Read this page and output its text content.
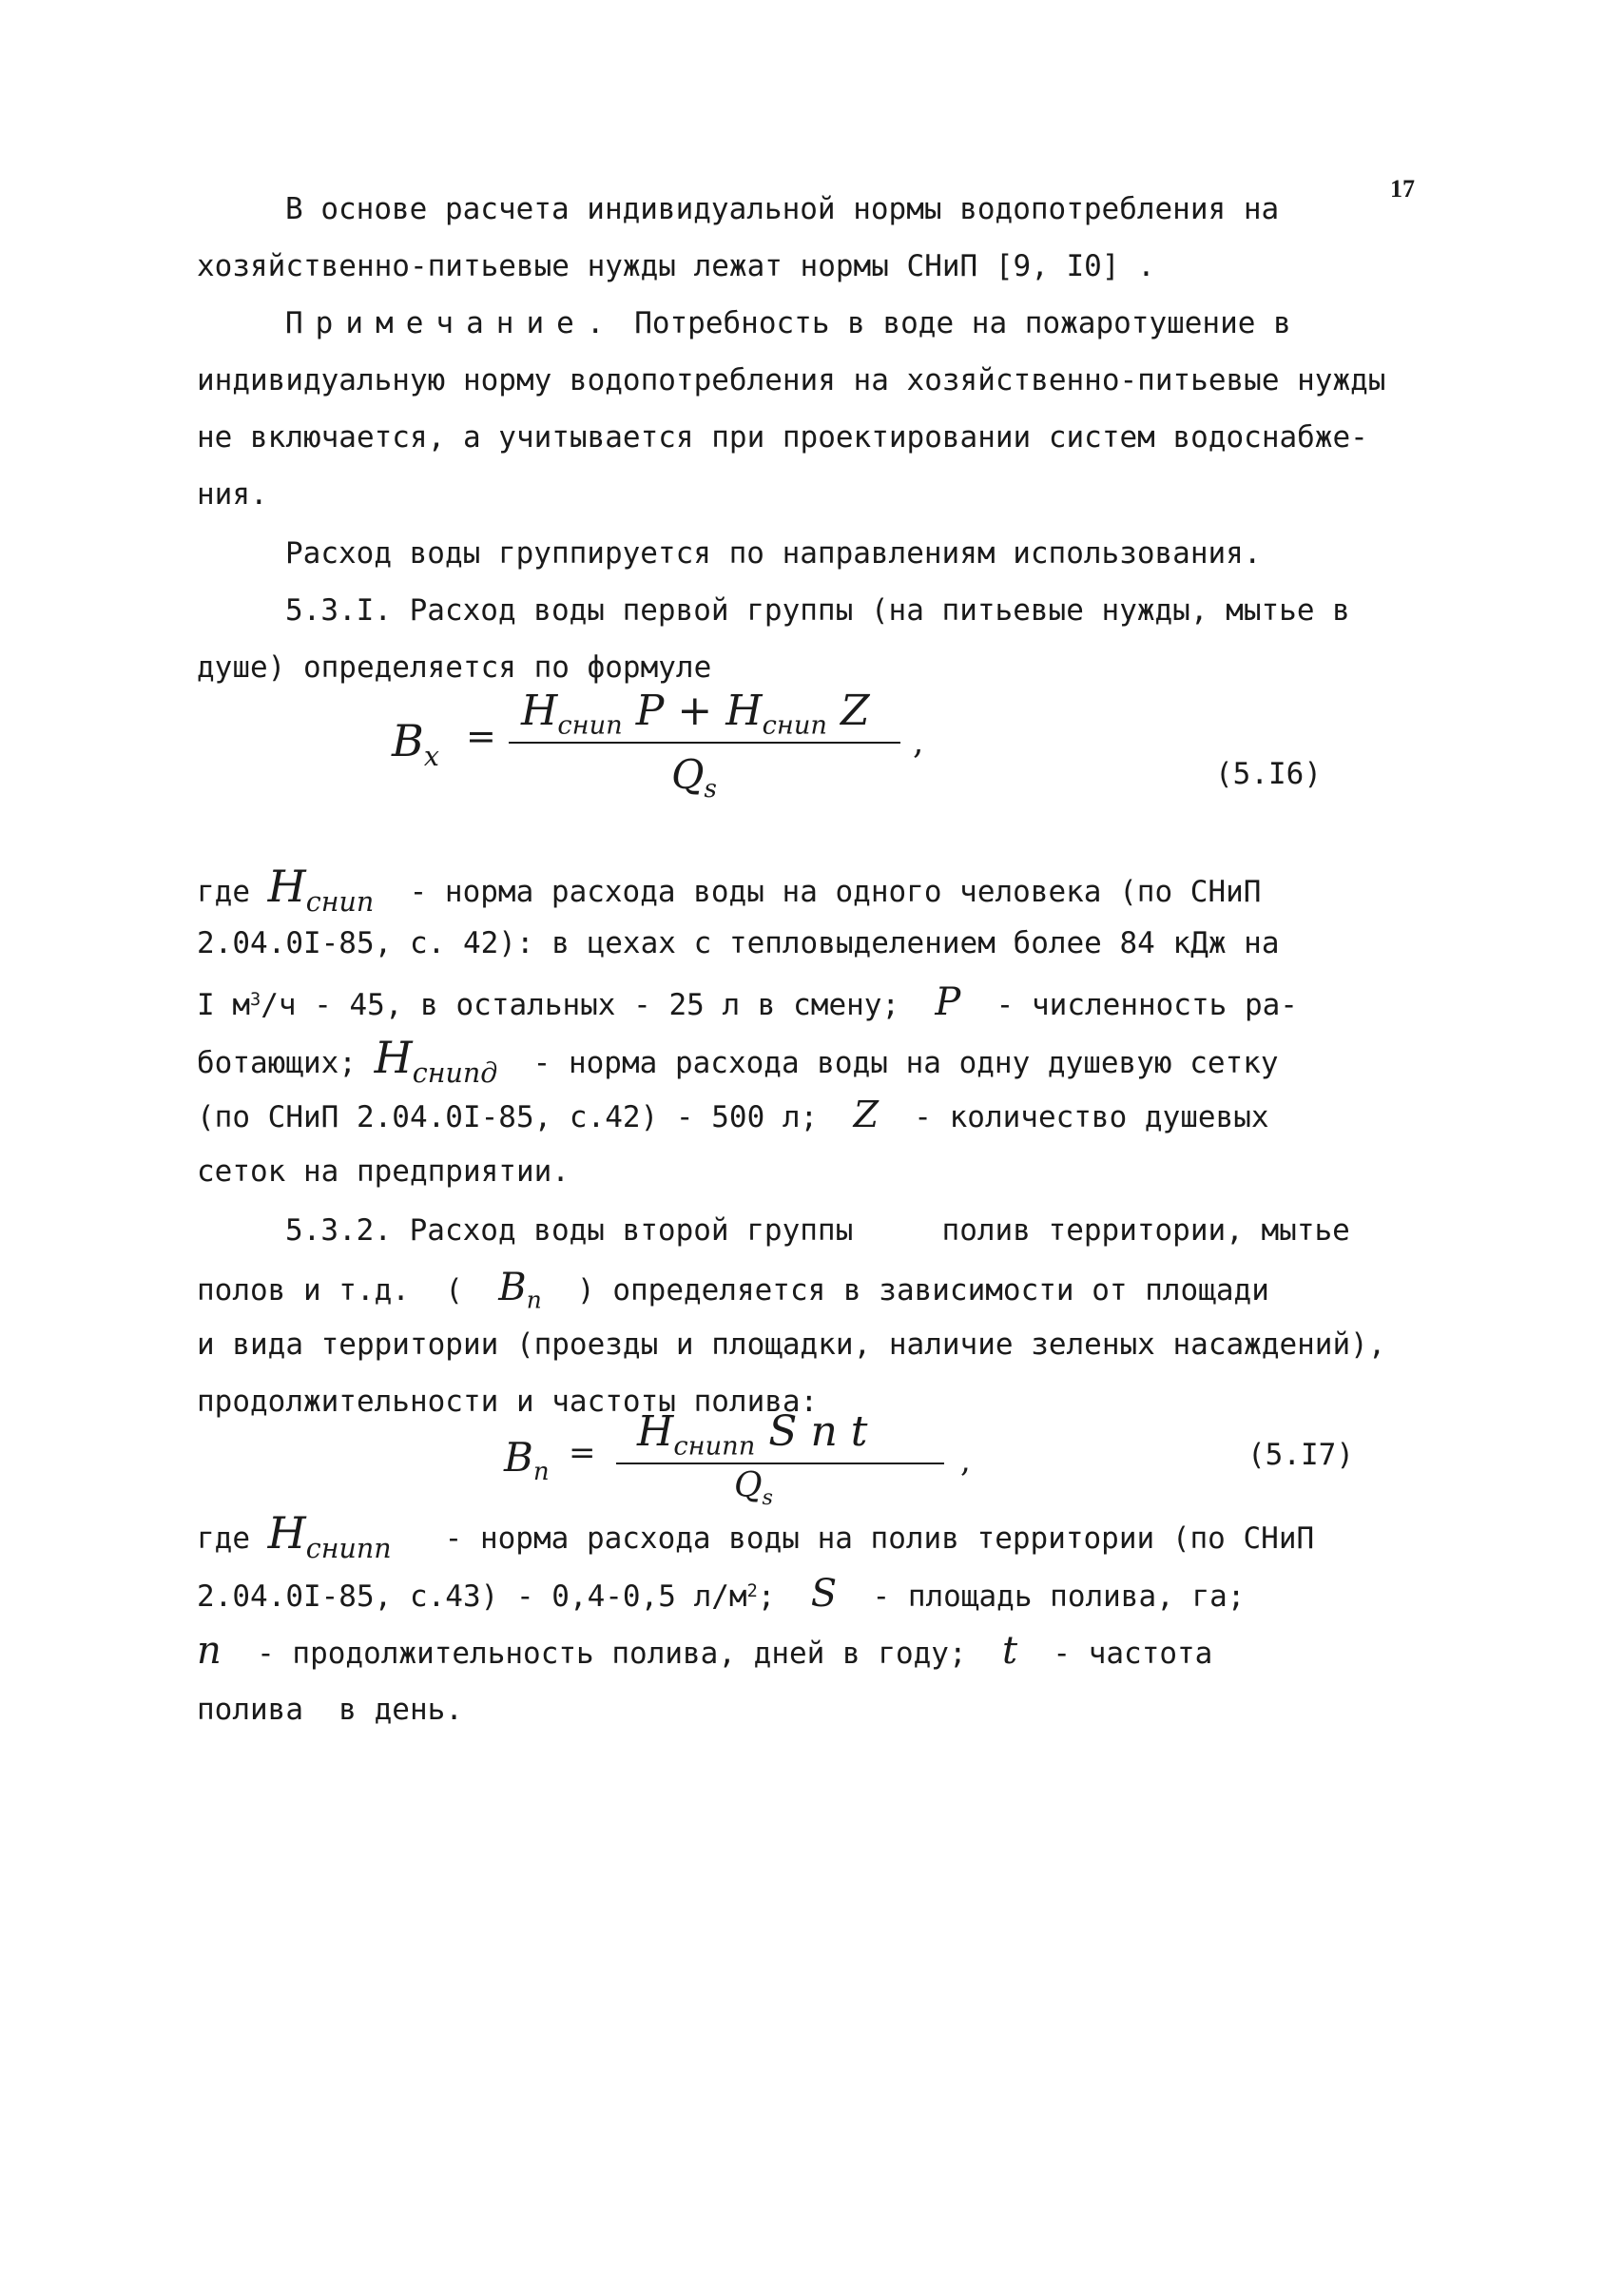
17
В основе расчета индивидуальной нормы водопотребления на
хозяйственно-питьевые нужды лежат нормы СНиП [9, I0] .
Примечание. Потребность в воде на пожаротушение в
индивидуальную норму водопотребления на хозяйственно-питьевые нужды
не включается, а учитывается при проектировании систем водоснабже-
ния.
Расход воды группируется по направлениям использования.
5.3.I. Расход воды первой группы (на питьевые нужды, мытье в
душе) определяется по формуле
$B_x$ =
$H_{снип}$ $P + H_{снип}$ Z
$Q_s$
,
(5.I6)
где $H_{снип}$  - норма расхода воды на одного человека (по СНиП
2.04.0I-85, с. 42): в цехах с тепловыделением более 84 кДж на
I $м^3/ч - 45$, в остальных - 25 л в смену;  P  - численность ра-
ботающих; $H_{снипд}$  - норма расхода воды на одну душевую сетку
(по СНиП 2.04.0I-85, с.42) - 500 л;  Z  - количество душевых
сеток на предприятии.
5.3.2. Расход воды второй группы     полив территории, мытье
полов и т.д.  (  $B_п$  ) определяется в зависимости от площади
и вида территории (проезды и площадки, наличие зеленых насаждений),
продолжительности и частоты полива:
$B_п$
= $H_{снипп}$ S n t
$Q_s$
,	(5.I7)
где $H_{снипп}$   - норма расхода воды на полив территории (по СНиП
2.04.0I-85, с.43) - 0,4-0,5 $л/м^2$;  S  - площадь полива, га;
n  - продолжительность полива, дней в году;  t  - частота
полива  в день.
